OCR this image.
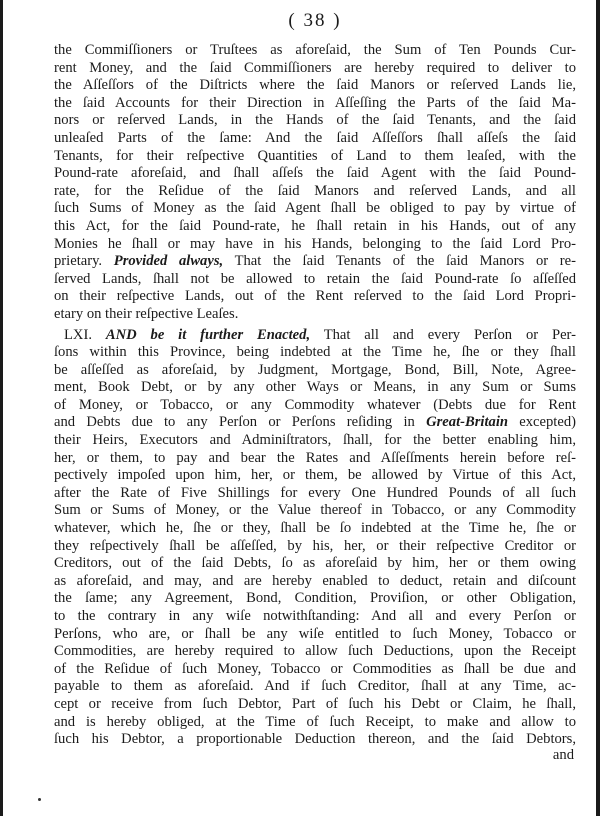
( 38 )
the Commiſſioners or Truſtees as aforeſaid, the Sum of Ten Pounds Cur-
rent Money, and the ſaid Commiſſioners are hereby required to deliver to
the Aſſeſſors of the Diſtricts where the ſaid Manors or reſerved Lands lie,
the ſaid Accounts for their Direction in Aſſeſſing the Parts of the ſaid Ma-
nors or reſerved Lands, in the Hands of the ſaid Tenants, and the ſaid
unleaſed Parts of the ſame: And the ſaid Aſſeſſors ſhall aſſeſs the ſaid
Tenants, for their reſpective Quantities of Land to them leaſed, with the
Pound-rate aforeſaid, and ſhall aſſeſs the ſaid Agent with the ſaid Pound-
rate, for the Reſidue of the ſaid Manors and reſerved Lands, and all
ſuch Sums of Money as the ſaid Agent ſhall be obliged to pay by virtue of
this Act, for the ſaid Pound-rate, he ſhall retain in his Hands, out of any
Monies he ſhall or may have in his Hands, belonging to the ſaid Lord Pro-
prietary. Provided always, That the ſaid Tenants of the ſaid Manors or re-
ſerved Lands, ſhall not be allowed to retain the ſaid Pound-rate ſo aſſeſſed
on their reſpective Lands, out of the Rent reſerved to the ſaid Lord Propri-
etary on their reſpective Leaſes.
LXI. AND be it further Enacted, That all and every Perſon or Per-
ſons within this Province, being indebted at the Time he, ſhe or they ſhall
be aſſeſſed as aforeſaid, by Judgment, Mortgage, Bond, Bill, Note, Agree-
ment, Book Debt, or by any other Ways or Means, in any Sum or Sums
of Money, or Tobacco, or any Commodity whatever (Debts due for Rent
and Debts due to any Perſon or Perſons reſiding in Great-Britain excepted)
their Heirs, Executors and Adminiſtrators, ſhall, for the better enabling him,
her, or them, to pay and bear the Rates and Aſſeſſments herein before reſ-
pectively impoſed upon him, her, or them, be allowed by Virtue of this Act,
after the Rate of Five Shillings for every One Hundred Pounds of all ſuch
Sum or Sums of Money, or the Value thereof in Tobacco, or any Commodity
whatever, which he, ſhe or they, ſhall be ſo indebted at the Time he, ſhe or
they reſpectively ſhall be aſſeſſed, by his, her, or their reſpective Creditor or
Creditors, out of the ſaid Debts, ſo as aforeſaid by him, her or them owing
as aforeſaid, and may, and are hereby enabled to deduct, retain and diſcount
the ſame; any Agreement, Bond, Condition, Proviſion, or other Obligation,
to the contrary in any wiſe notwithſtanding: And all and every Perſon or
Perſons, who are, or ſhall be any wiſe entitled to ſuch Money, Tobacco or
Commodities, are hereby required to allow ſuch Deductions, upon the Receipt
of the Reſidue of ſuch Money, Tobacco or Commodities as ſhall be due and
payable to them as aforeſaid. And if ſuch Creditor, ſhall at any Time, ac-
cept or receive from ſuch Debtor, Part of ſuch his Debt or Claim, he ſhall,
and is hereby obliged, at the Time of ſuch Receipt, to make and allow to
ſuch his Debtor, a proportionable Deduction thereon, and the ſaid Debtors,
and
